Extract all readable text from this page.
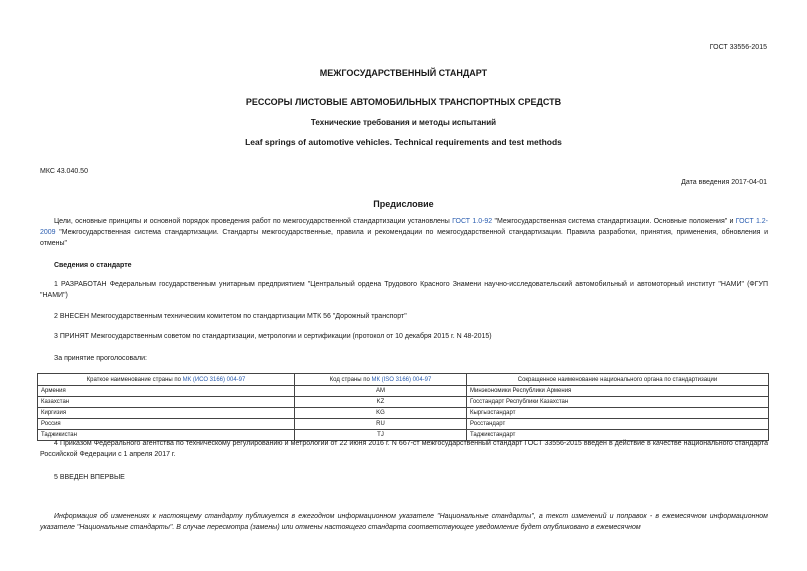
ГОСТ 33556-2015
МЕЖГОСУДАРСТВЕННЫЙ СТАНДАРТ
РЕССОРЫ ЛИСТОВЫЕ АВТОМОБИЛЬНЫХ ТРАНСПОРТНЫХ СРЕДСТВ
Технические требования и методы испытаний
Leaf springs of automotive vehicles. Technical requirements and test methods
МКС 43.040.50
Дата введения 2017-04-01
Предисловие
Цели, основные принципы и основной порядок проведения работ по межгосударственной стандартизации установлены ГОСТ 1.0-92 "Межгосударственная система стандартизации. Основные положения" и ГОСТ 1.2-2009 "Межгосударственная система стандартизации. Стандарты межгосударственные, правила и рекомендации по межгосударственной стандартизации. Правила разработки, принятия, применения, обновления и отмены"
Сведения о стандарте
1 РАЗРАБОТАН Федеральным государственным унитарным предприятием "Центральный ордена Трудового Красного Знамени научно-исследовательский автомобильный и автомоторный институт "НАМИ" (ФГУП "НАМИ")
2 ВНЕСЕН Межгосударственным техническим комитетом по стандартизации МТК 56 "Дорожный транспорт"
3 ПРИНЯТ Межгосударственным советом по стандартизации, метрологии и сертификации (протокол от 10 декабря 2015 г. N 48-2015)
За принятие проголосовали:
Краткое наименование страны по МК (ИСО 3166) 004-97	Код страны по МК (ISO 3166) 004-97	Сокращенное наименование национального органа по стандартизации
Армения	AM	Минэкономики Республики Армения
Казахстан	KZ	Госстандарт Республики Казахстан
Киргизия	KG	Кыргызстандарт
Россия	RU	Росстандарт
Таджикистан	TJ	Таджикстандарт
4 Приказом Федерального агентства по техническому регулированию и метрологии от 22 июня 2016 г. N 667-ст межгосударственный стандарт ГОСТ 33556-2015 введен в действие в качестве национального стандарта Российской Федерации с 1 апреля 2017 г.
5 ВВЕДЕН ВПЕРВЫЕ
Информация об изменениях к настоящему стандарту публикуется в ежегодном информационном указателе "Национальные стандарты", а текст изменений и поправок - в ежемесячном информационном указателе "Национальные стандарты". В случае пересмотра (замены) или отмены настоящего стандарта соответствующее уведомление будет опубликовано в ежемесячном
